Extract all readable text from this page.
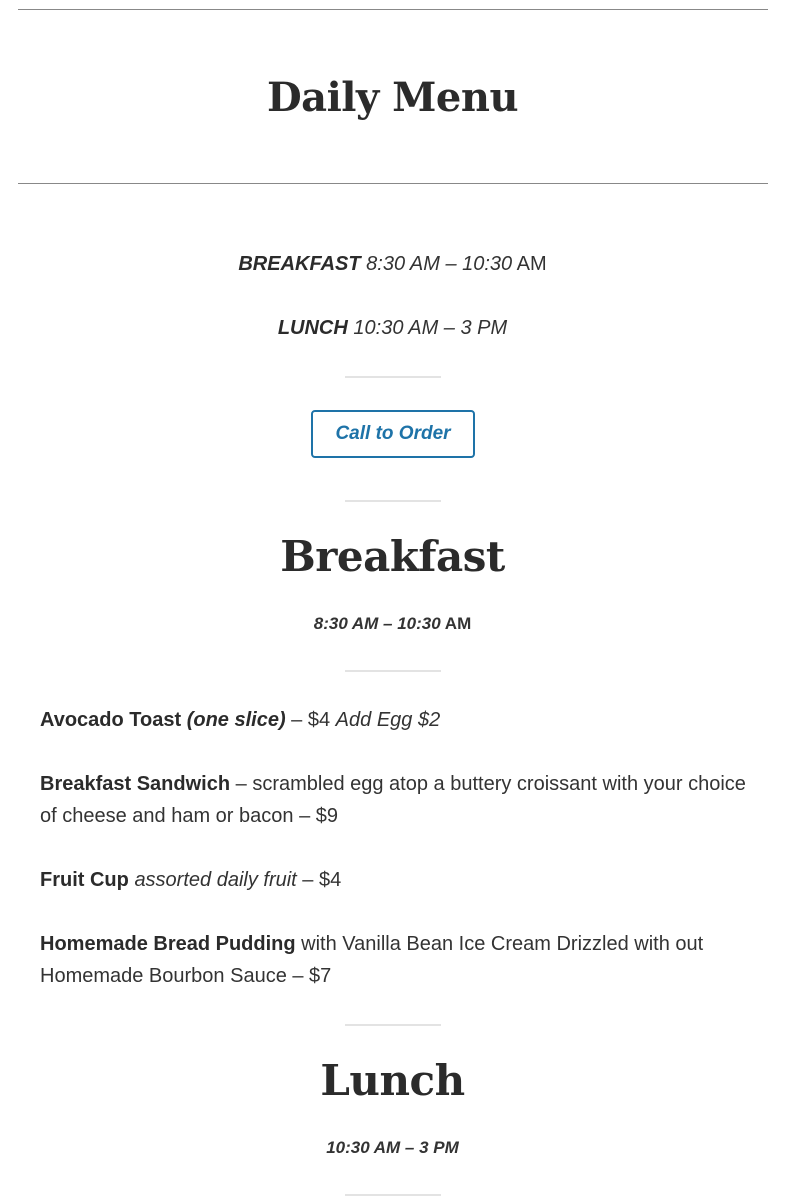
Daily Menu
BREAKFAST 8:30 AM – 10:30 AM
LUNCH 10:30 AM – 3 PM
Call to Order
Breakfast
8:30 AM – 10:30 AM

Avocado Toast (one slice) – $4 Add Egg $2

Breakfast Sandwich – scrambled egg atop a buttery croissant with your choice of cheese and ham or bacon – $9

Fruit Cup assorted daily fruit – $4

Homemade Bread Pudding with Vanilla Bean Ice Cream Drizzled with out Homemade Bourbon Sauce – $7

Lunch
10:30 AM – 3 PM
